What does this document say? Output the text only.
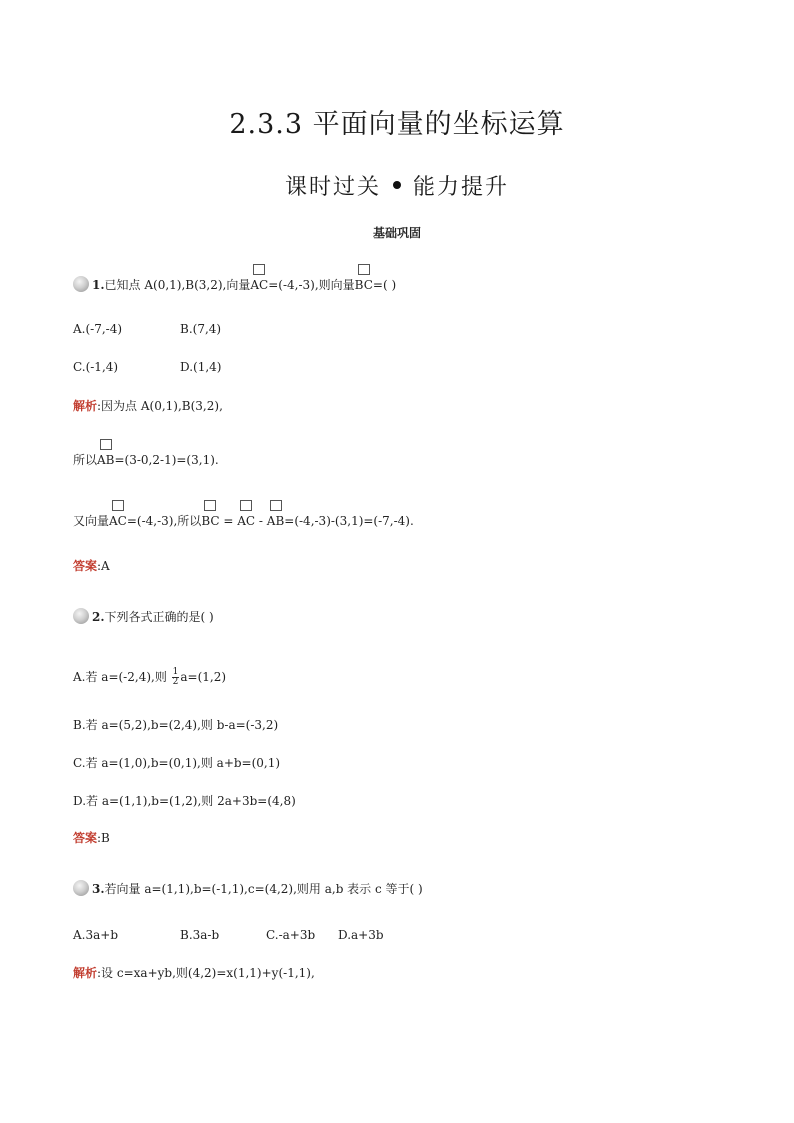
2.3.3 平面向量的坐标运算
课时过关 能力提升
基础巩固
1.已知点 A(0,1),B(3,2),向量
AC=(-4,-3),则向量
BC=( )
A.(-7,-4)	B.(7,4)
C.(-1,4)	D.(1,4)
解析:因为点 A(0,1),B(3,2),
所以
AB=(3-0,2-1)=(3,1).
又向量
AC=(-4,-3),所以
BC =
AC -
AB=(-4,-3)-(3,1)=(-7,-4).
答案:A
2.下列各式正确的是( )
A.若 a=(-2,4),则 $\frac{1}{2} a=(1,2)$
B.若 a=(5,2),b=(2,4),则 b-a=(-3,2)
C.若 a=(1,0),b=(0,1),则 a+b=(0,1)
D.若 a=(1,1),b=(1,2),则 2a+3b=(4,8)
答案:B
3.若向量 a=(1,1),b=(-1,1),c=(4,2),则用 a,b 表示 c 等于( )
A.3a+b	B.3a-b	C.-a+3b D.a+3b
解析:设 c=xa+yb,则(4,2)=x(1,1)+y(-1,1),
